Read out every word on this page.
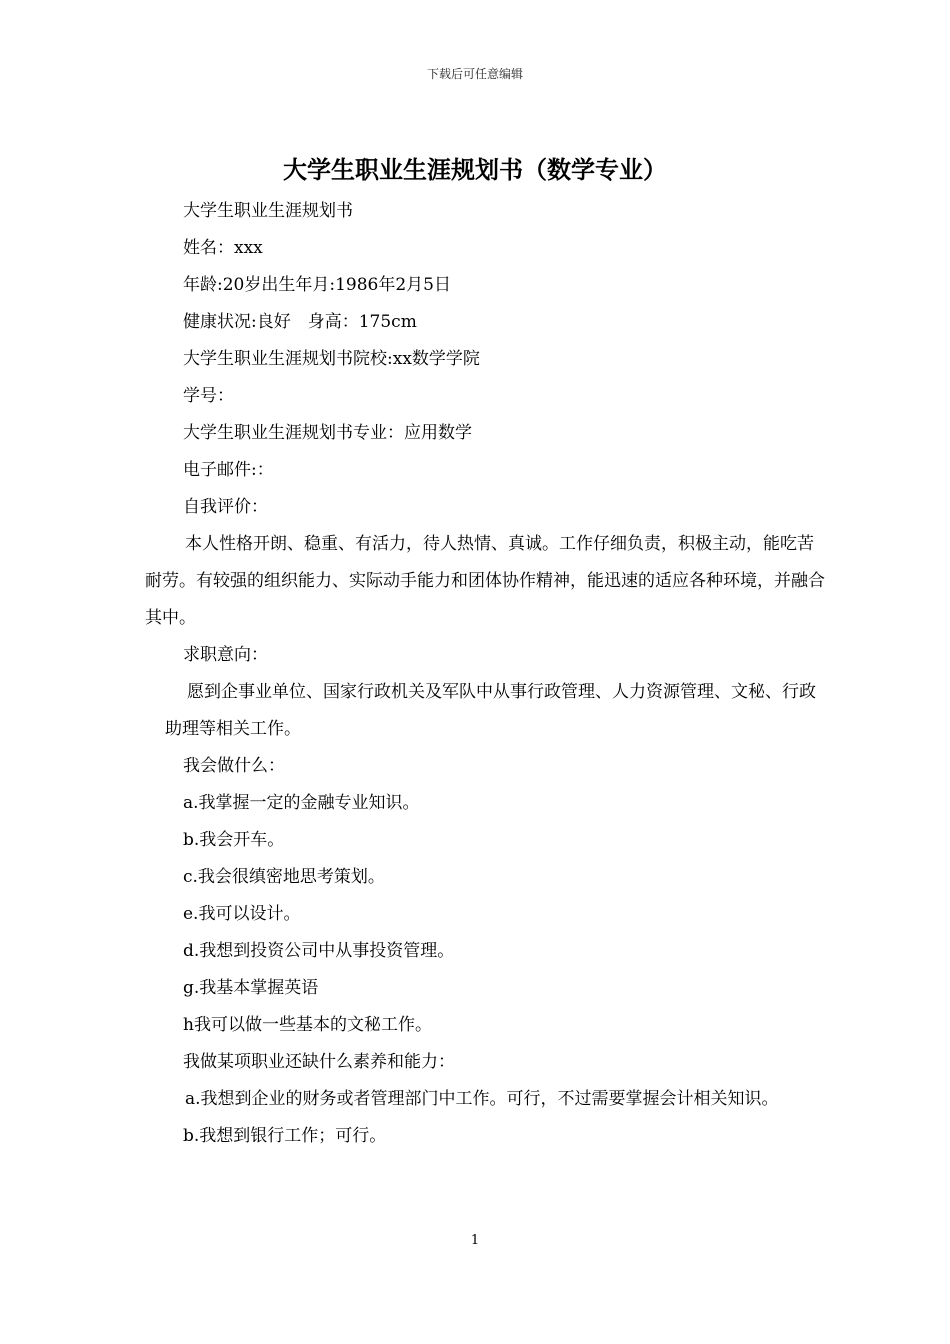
下载后可任意编辑
大学生职业生涯规划书（数学专业）

大学生职业生涯规划书

姓名：xxx

年龄:20岁出生年月:1986年2月5日

健康状况:良好　身高：175cm

大学生职业生涯规划书院校:xx数学学院

学号：

大学生职业生涯规划书专业：应用数学

电子邮件:：

自我评价：

本人性格开朗、稳重、有活力，待人热情、真诚。工作仔细负责，积极主动，能吃苦耐劳。有较强的组织能力、实际动手能力和团体协作精神，能迅速的适应各种环境，并融合其中。

求职意向：

愿到企事业单位、国家行政机关及军队中从事行政管理、人力资源管理、文秘、行政助理等相关工作。

我会做什么：

a.我掌握一定的金融专业知识。

b.我会开车。

c.我会很缜密地思考策划。

e.我可以设计。

d.我想到投资公司中从事投资管理。

g.我基本掌握英语

h我可以做一些基本的文秘工作。

我做某项职业还缺什么素养和能力：

a.我想到企业的财务或者管理部门中工作。可行，不过需要掌握会计相关知识。

b.我想到银行工作；可行。

1
